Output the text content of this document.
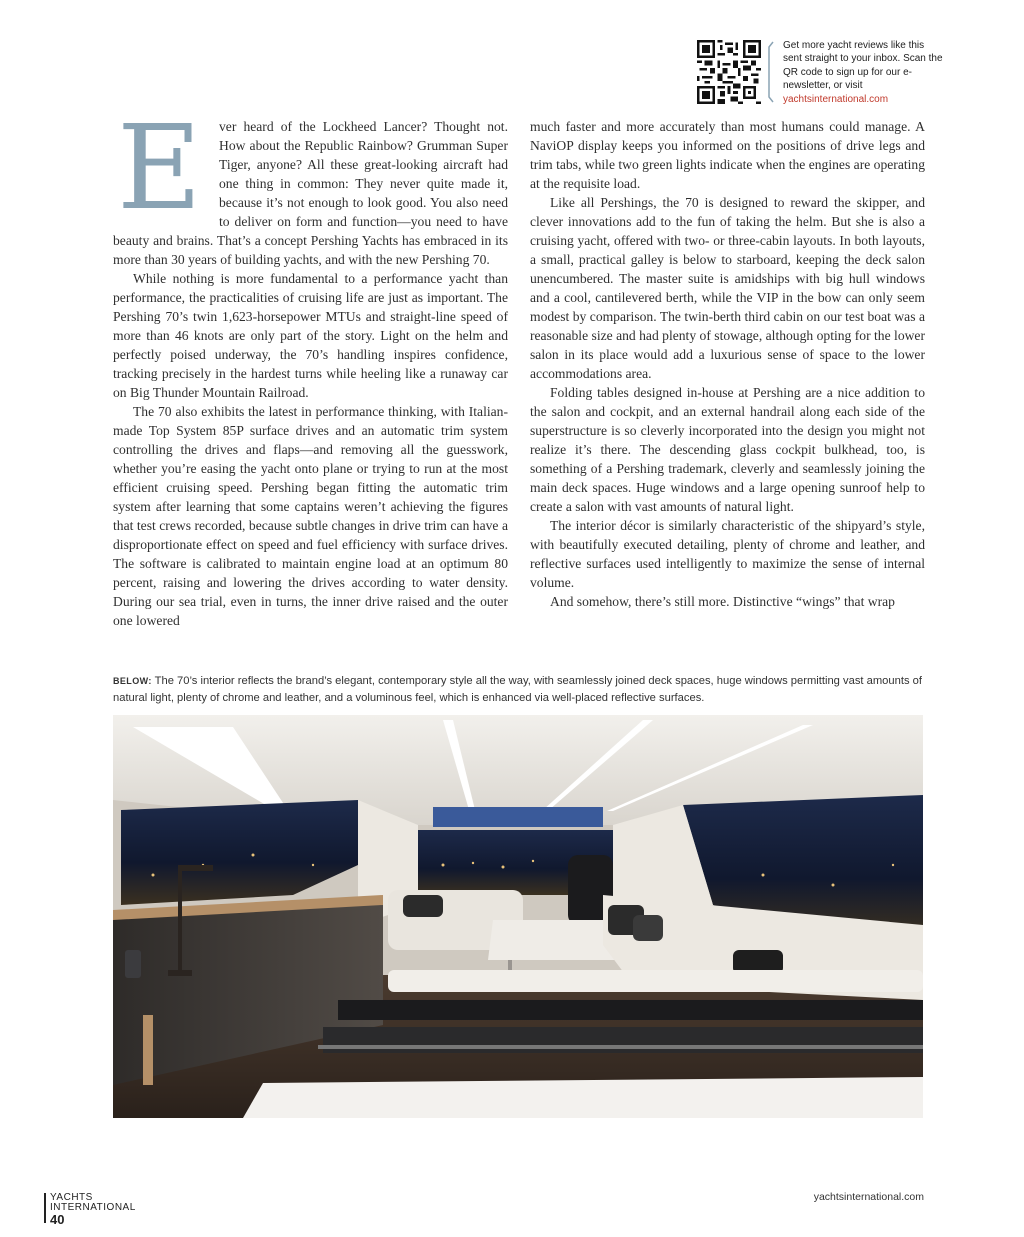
Get more yacht reviews like this sent straight to your inbox. Scan the QR code to sign up for our e-newsletter, or visit
yachtsinternational.com

E	ver heard of the Lockheed Lancer? Thought not. How about the Republic Rainbow? Grumman Super Tiger, anyone? All these great-looking aircraft had one thing in common: They never quite made it, because it’s not enough to look good. You also need to deliver on form and function—you need to have beauty and brains. That’s a concept Pershing Yachts has embraced in its more than 30 years of building yachts, and with the new Pershing 70.

While nothing is more fundamental to a performance yacht than performance, the practicalities of cruising life are just as important. The Pershing 70’s twin 1,623-horsepower MTUs and straight-line speed of more than 46 knots are only part of the story. Light on the helm and perfectly poised underway, the 70’s handling inspires confidence, tracking precisely in the hardest turns while heeling like a runaway car on Big Thunder Mountain Railroad.

The 70 also exhibits the latest in performance thinking, with Italian-made Top System 85P surface drives and an automatic trim system controlling the drives and flaps—and removing all the guesswork, whether you’re easing the yacht onto plane or trying to run at the most efficient cruising speed. Pershing began fitting the automatic trim system after learning that some captains weren’t achieving the figures that test crews recorded, because subtle changes in drive trim can have a disproportionate effect on speed and fuel efficiency with surface drives. The software is calibrated to maintain engine load at an optimum 80 percent, raising and lowering the drives according to water density. During our sea trial, even in turns, the inner drive raised and the outer one lowered

much faster and more accurately than most humans could manage. A NaviOP display keeps you informed on the positions of drive legs and trim tabs, while two green lights indicate when the engines are operating at the requisite load.

Like all Pershings, the 70 is designed to reward the skipper, and clever innovations add to the fun of taking the helm. But she is also a cruising yacht, offered with two- or three-cabin layouts. In both layouts, a small, practical galley is below to starboard, keeping the deck salon unencumbered. The master suite is amidships with big hull windows and a cool, cantilevered berth, while the VIP in the bow can only seem modest by comparison. The twin-berth third cabin on our test boat was a reasonable size and had plenty of stowage, although opting for the lower salon in its place would add a luxurious sense of space to the lower accommodations area.

Folding tables designed in-house at Pershing are a nice addition to the salon and cockpit, and an external handrail along each side of the superstructure is so cleverly incorporated into the design you might not realize it’s there. The descending glass cockpit bulkhead, too, is something of a Pershing trademark, cleverly and seamlessly joining the main deck spaces. Huge windows and a large opening sunroof help to create a salon with vast amounts of natural light.

The interior décor is similarly characteristic of the shipyard’s style, with beautifully executed detailing, plenty of chrome and leather, and reflective surfaces used intelligently to maximize the sense of internal volume.

And somehow, there’s still more. Distinctive “wings” that wrap

BELOW: The 70’s interior reflects the brand’s elegant, contemporary style all the way, with seamlessly joined deck spaces, huge windows permitting vast amounts of natural light, plenty of chrome and leather, and a voluminous feel, which is enhanced via well-placed reflective surfaces.
YACHTS
INTERNATIONAL
40
yachtsinternational.com
